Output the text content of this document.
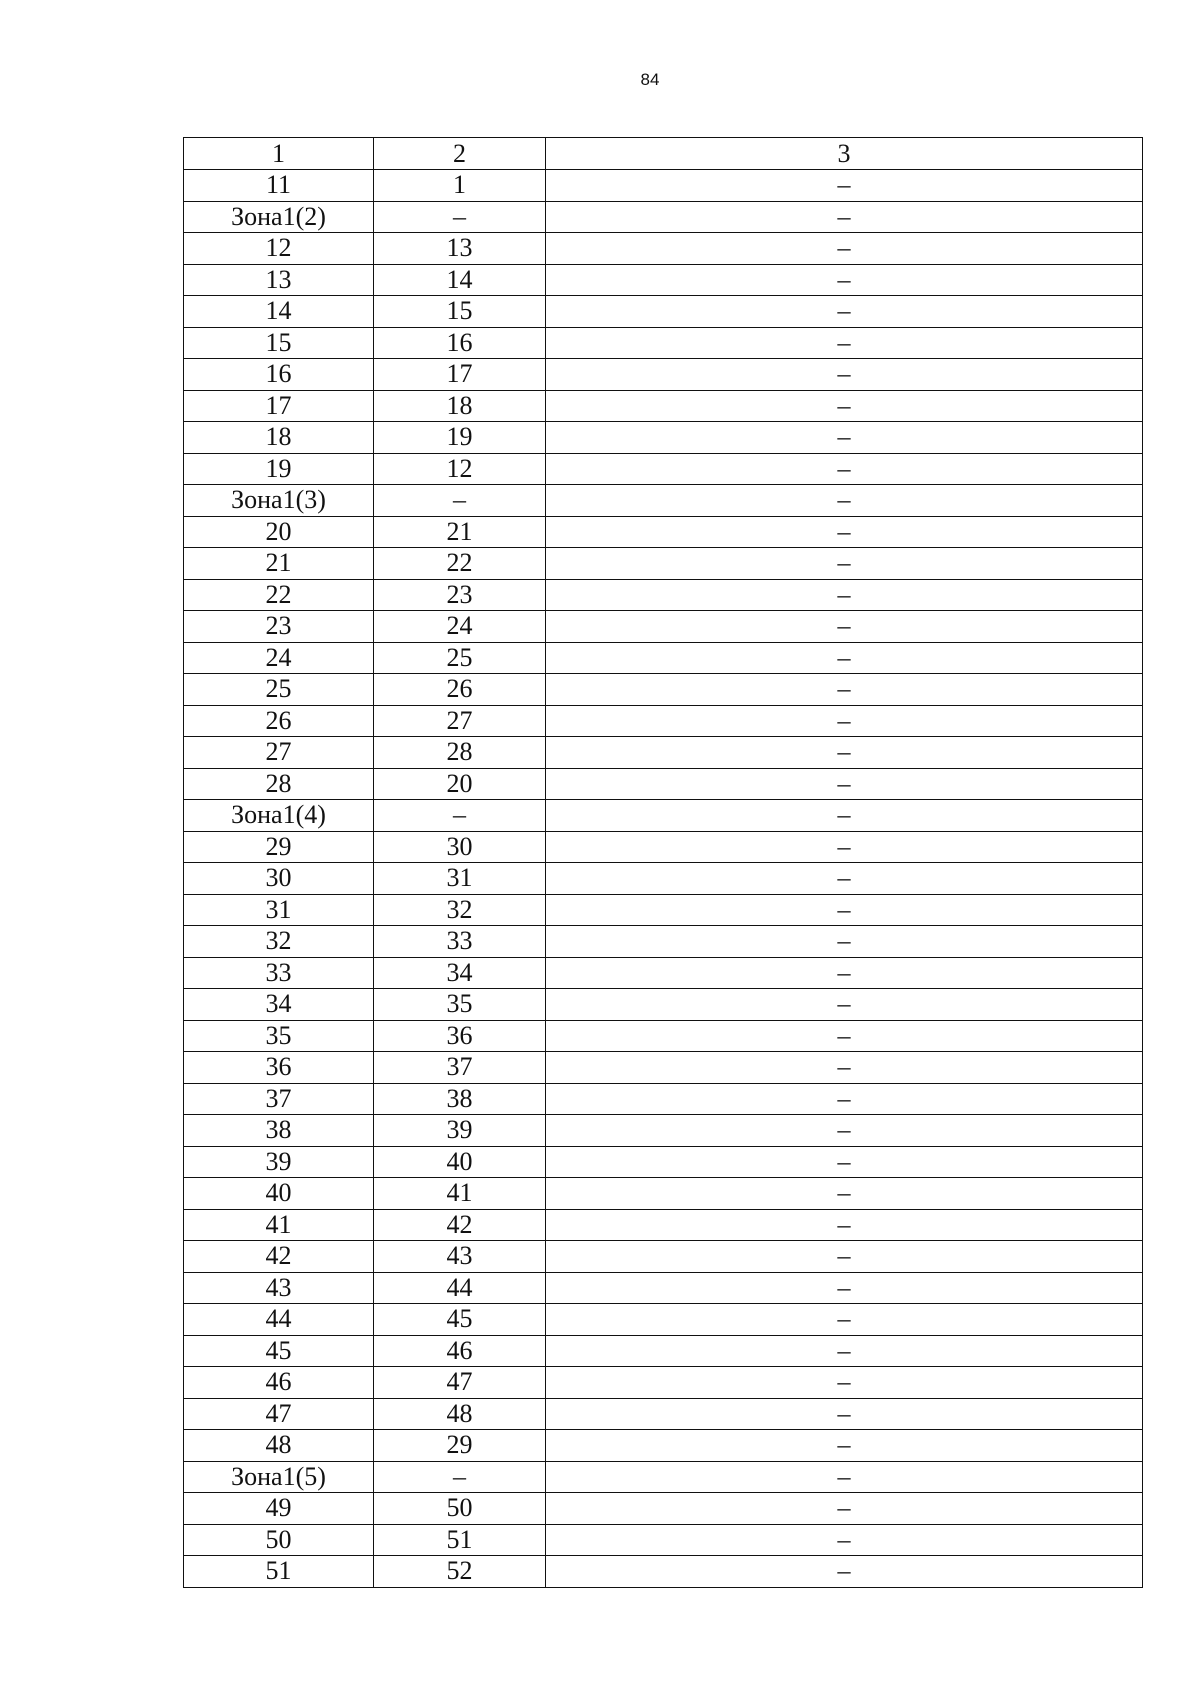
84
1	2	3
11	1	–
Зона1(2)	–	–
12	13	–
13	14	–
14	15	–
15	16	–
16	17	–
17	18	–
18	19	–
19	12	–
Зона1(3)	–	–
20	21	–
21	22	–
22	23	–
23	24	–
24	25	–
25	26	–
26	27	–
27	28	–
28	20	–
Зона1(4)	–	–
29	30	–
30	31	–
31	32	–
32	33	–
33	34	–
34	35	–
35	36	–
36	37	–
37	38	–
38	39	–
39	40	–
40	41	–
41	42	–
42	43	–
43	44	–
44	45	–
45	46	–
46	47	–
47	48	–
48	29	–
Зона1(5)	–	–
49	50	–
50	51	–
51	52	–
